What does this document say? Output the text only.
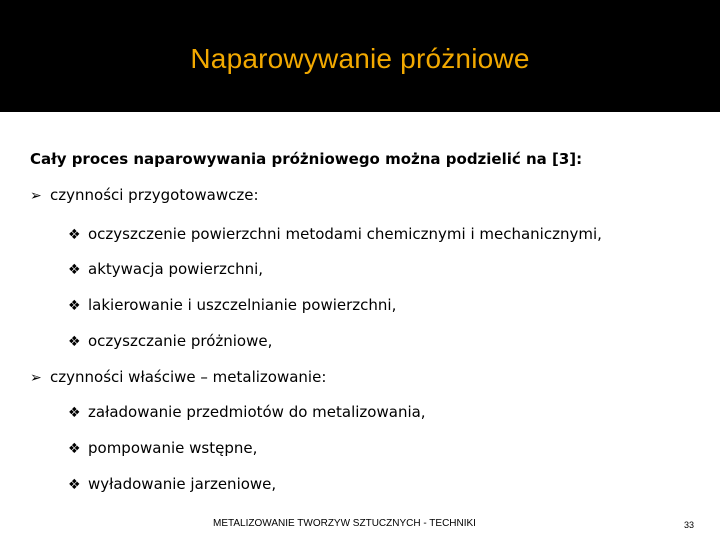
Naparowywanie próżniowe
Cały proces naparowywania próżniowego można podzielić na [3]:
➢ czynności przygotowawcze:
❖ oczyszczenie powierzchni metodami chemicznymi i mechanicznymi,
❖ aktywacja powierzchni,
❖ lakierowanie i uszczelnianie powierzchni,
❖ oczyszczanie próżniowe,
➢ czynności właściwe – metalizowanie:
❖ załadowanie przedmiotów do metalizowania,
❖ pompowanie wstępne,
❖ wyładowanie jarzeniowe,
METALIZOWANIE TWORZYW SZTUCZNYCH - TECHNIKI	33
